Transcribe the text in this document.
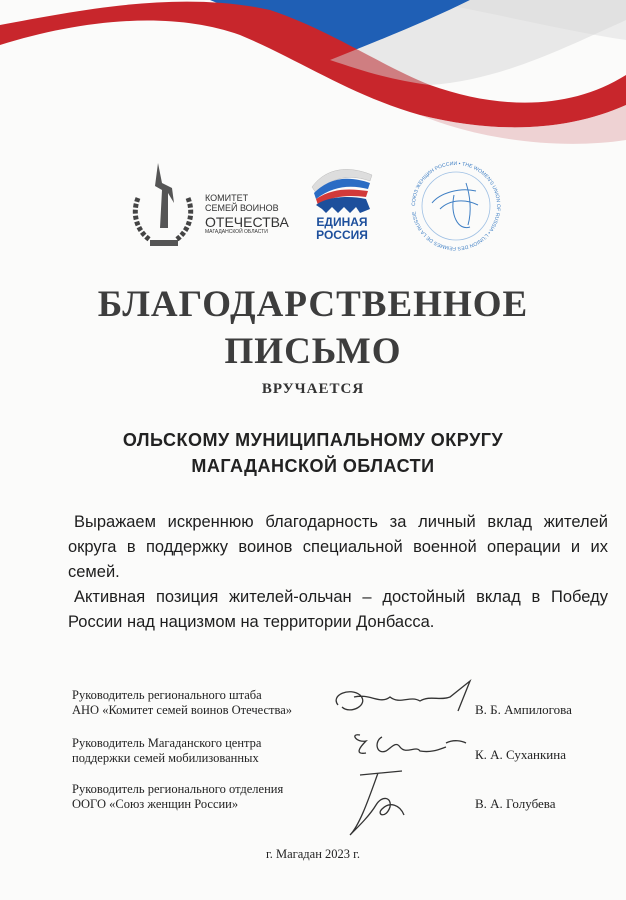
КОМИТЕТ
СЕМЕЙ ВОИНОВ
ОТЕЧЕСТВА
МАГАДАНСКОЙ ОБЛАСТИ
ЕДИНАЯ
РОССИЯ
СОЮЗ ЖЕНЩИН РОССИИ • THE WOMEN'S UNION OF RUSSIA • L'UNION DES FEMMES DE LA RUSSIE
БЛАГОДАРСТВЕННОЕ
ПИСЬМО
ВРУЧАЕТСЯ
ОЛЬСКОМУ МУНИЦИПАЛЬНОМУ ОКРУГУ
МАГАДАНСКОЙ ОБЛАСТИ

Выражаем искреннюю благодарность за личный вклад жителей округа в поддержку воинов специальной военной операции и их семей.

Активная позиция жителей-ольчан – достойный вклад в Победу России над нацизмом на территории Донбасса.

Руководитель регионального штаба
АНО «Комитет семей воинов Отечества»	В. Б. Ампилогова
Руководитель Магаданского центра
поддержки семей мобилизованных	К. А. Суханкина
Руководитель регионального отделения
ООГО «Союз женщин России»	В. А. Голубева
г. Магадан 2023 г.
